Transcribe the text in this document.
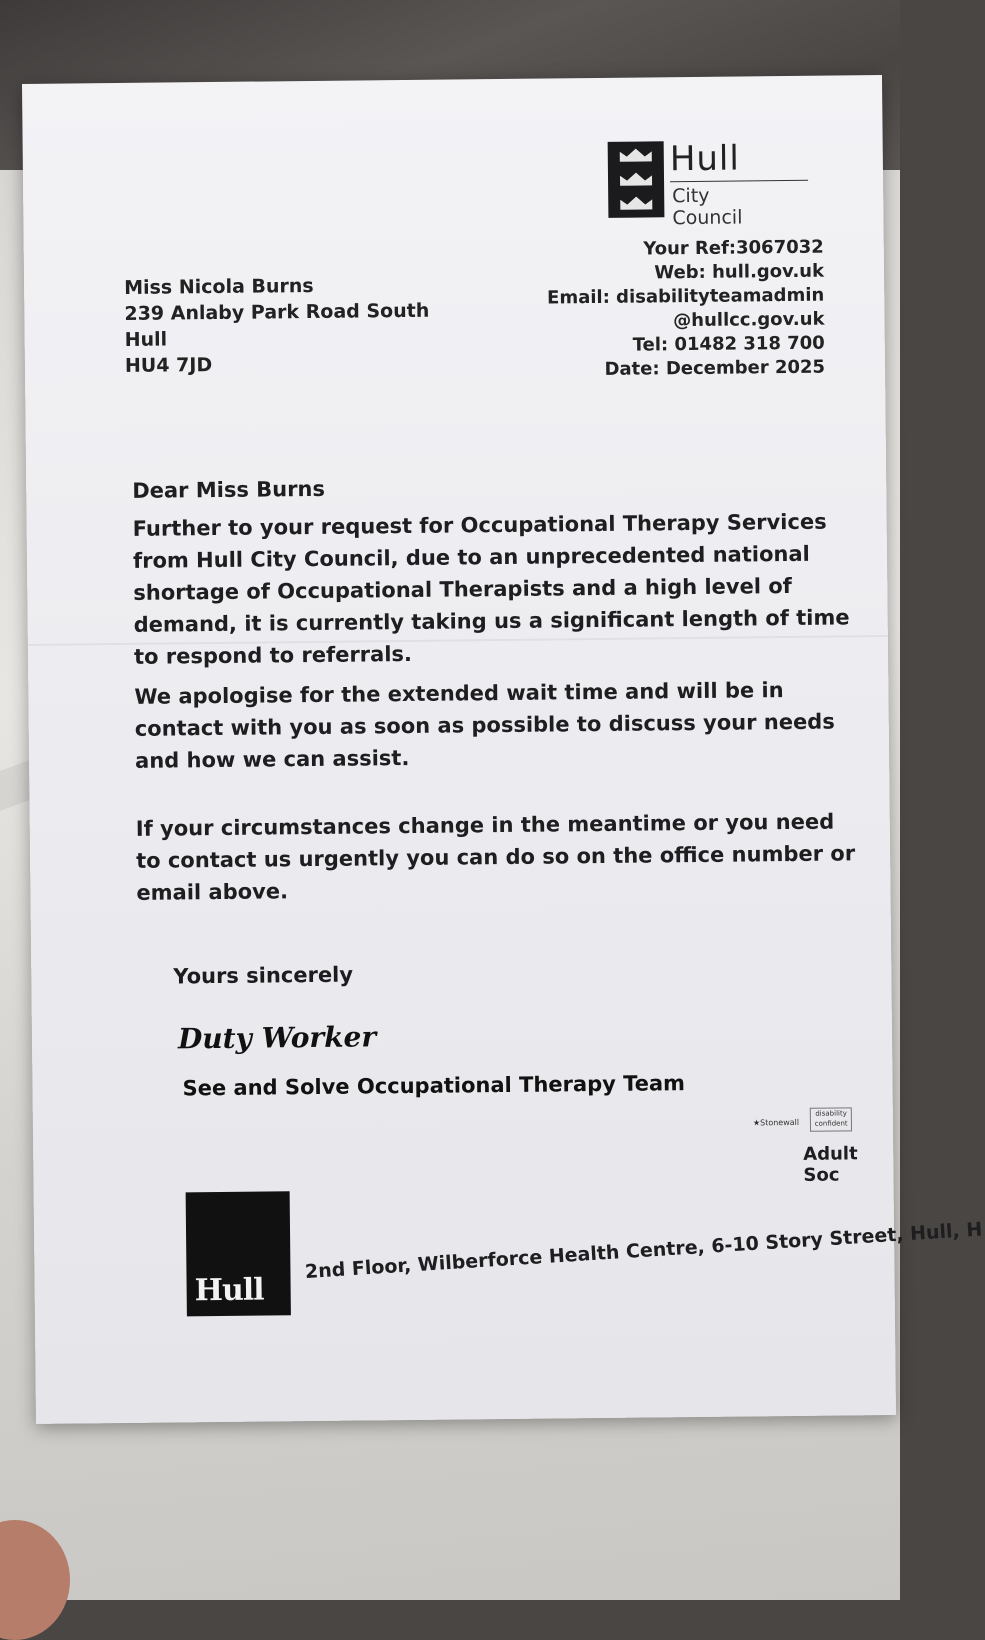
Hull
City Council
Miss Nicola Burns
239 Anlaby Park Road South
Hull
HU4 7JD
Your Ref:3067032
Web: hull.gov.uk
Email: disabilityteamadmin
@hullcc.gov.uk
Tel: 01482 318 700
Date: December 2025
Dear Miss Burns
Further to your request for Occupational Therapy Services from Hull City Council, due to an unprecedented national shortage of Occupational Therapists and a high level of demand, it is currently taking us a significant length of time to respond to referrals.
We apologise for the extended wait time and will be in contact with you as soon as possible to discuss your needs and how we can assist.
If your circumstances change in the meantime or you need to contact us urgently you can do so on the office number or email above.
Yours sincerely
Duty Worker
See and Solve Occupational Therapy Team
★Stonewall disability confident
Adult Soc
Hull
2nd Floor, Wilberforce Health Centre, 6-10 Story Street, Hull, H
